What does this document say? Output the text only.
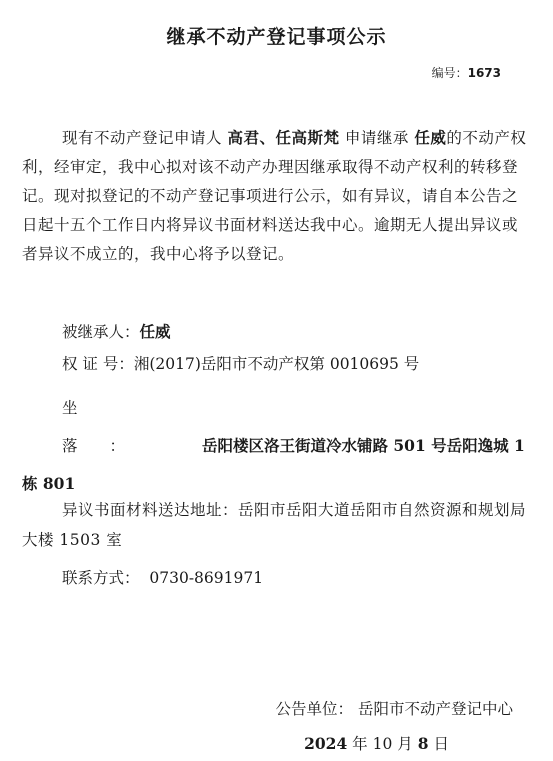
继承不动产登记事项公示
编号：1673
现有不动产登记申请人 高君、任高斯梵 申请继承 任威的不动产权利，经审定，我中心拟对该不动产办理因继承取得不动产权利的转移登记。现对拟登记的不动产登记事项进行公示，如有异议，请自本公告之日起十五个工作日内将异议书面材料送达我中心。逾期无人提出异议或者异议不成立的，我中心将予以登记。
被继承人：任威
权 证 号：湘(2017)岳阳市不动产权第 0010695 号
坐落：	岳阳楼区洛王街道冷水铺路 501 号岳阳逸城 1 栋 801
异议书面材料送达地址：岳阳市岳阳大道岳阳市自然资源和规划局大楼 1503 室
联系方式： 0730-8691971
公告单位： 岳阳市不动产登记中心
2024 年 10 月 8 日
